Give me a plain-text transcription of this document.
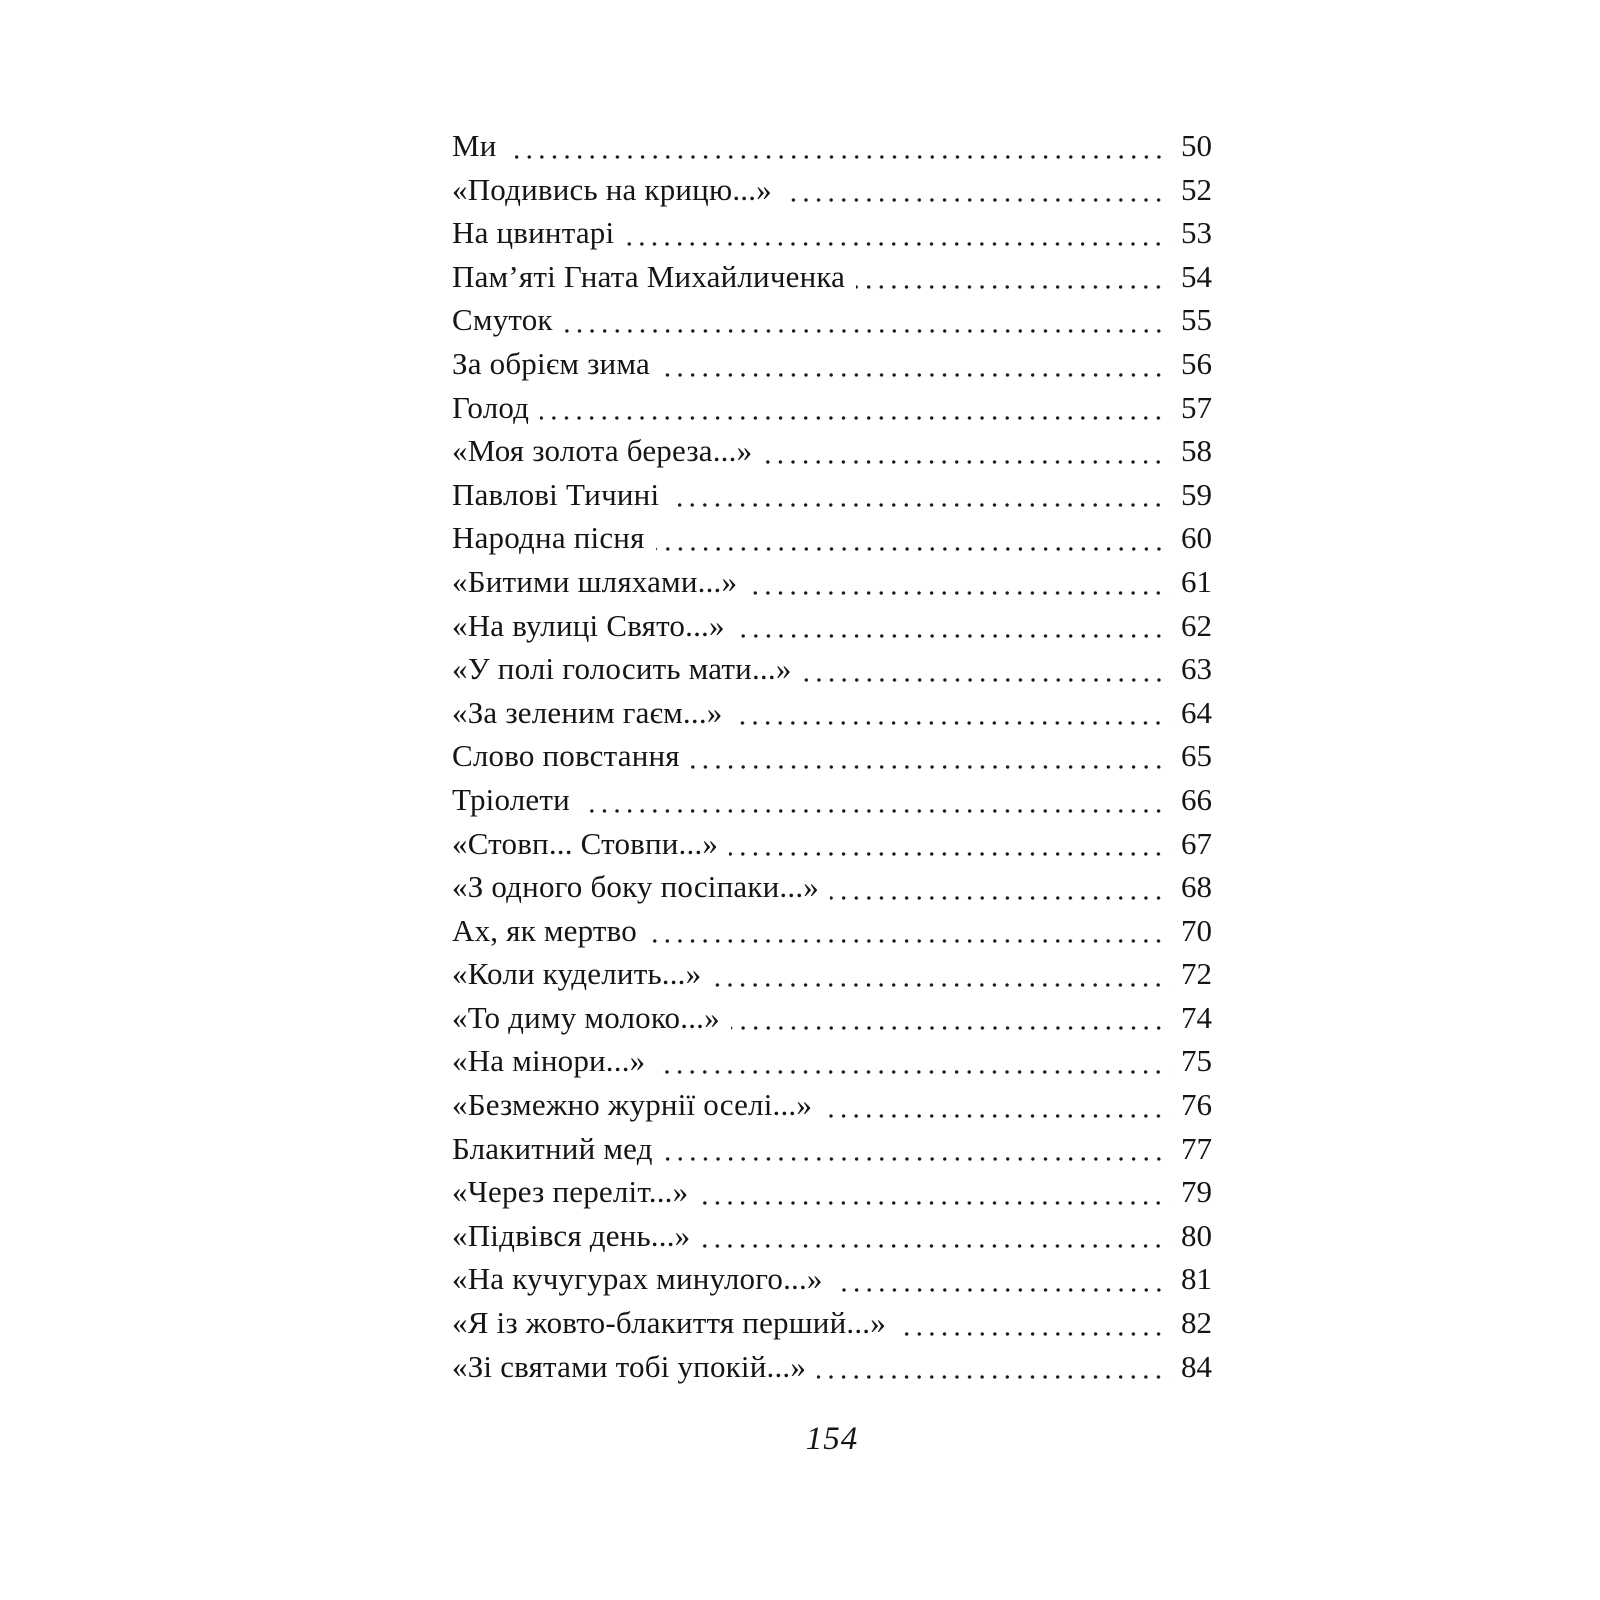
Ми	50
«Подивись на крицю...»	52
На цвинтарі	53
Пам’яті Гната Михайличенка	54
Смуток	55
За обрієм зима	56
Голод	57
«Моя золота береза...»	58
Павлові Тичині	59
Народна пісня	60
«Битими шляхами...»	61
«На вулиці Свято...»	62
«У полі голосить мати...»	63
«За зеленим гаєм...»	64
Слово повстання	65
Тріолети	66
«Стовп... Стовпи...»	67
«З одного боку посіпаки...»	68
Ах, як мертво	70
«Коли куделить...»	72
«То диму молоко...»	74
«На мінори...»	75
«Безмежно журнії оселі...»	76
Блакитний мед	77
«Через переліт...»	79
«Підвівся день...»	80
«На кучугурах минулого...»	81
«Я із жовто-блакиття перший...»	82
«Зі святами тобі упокій...»	84
154
